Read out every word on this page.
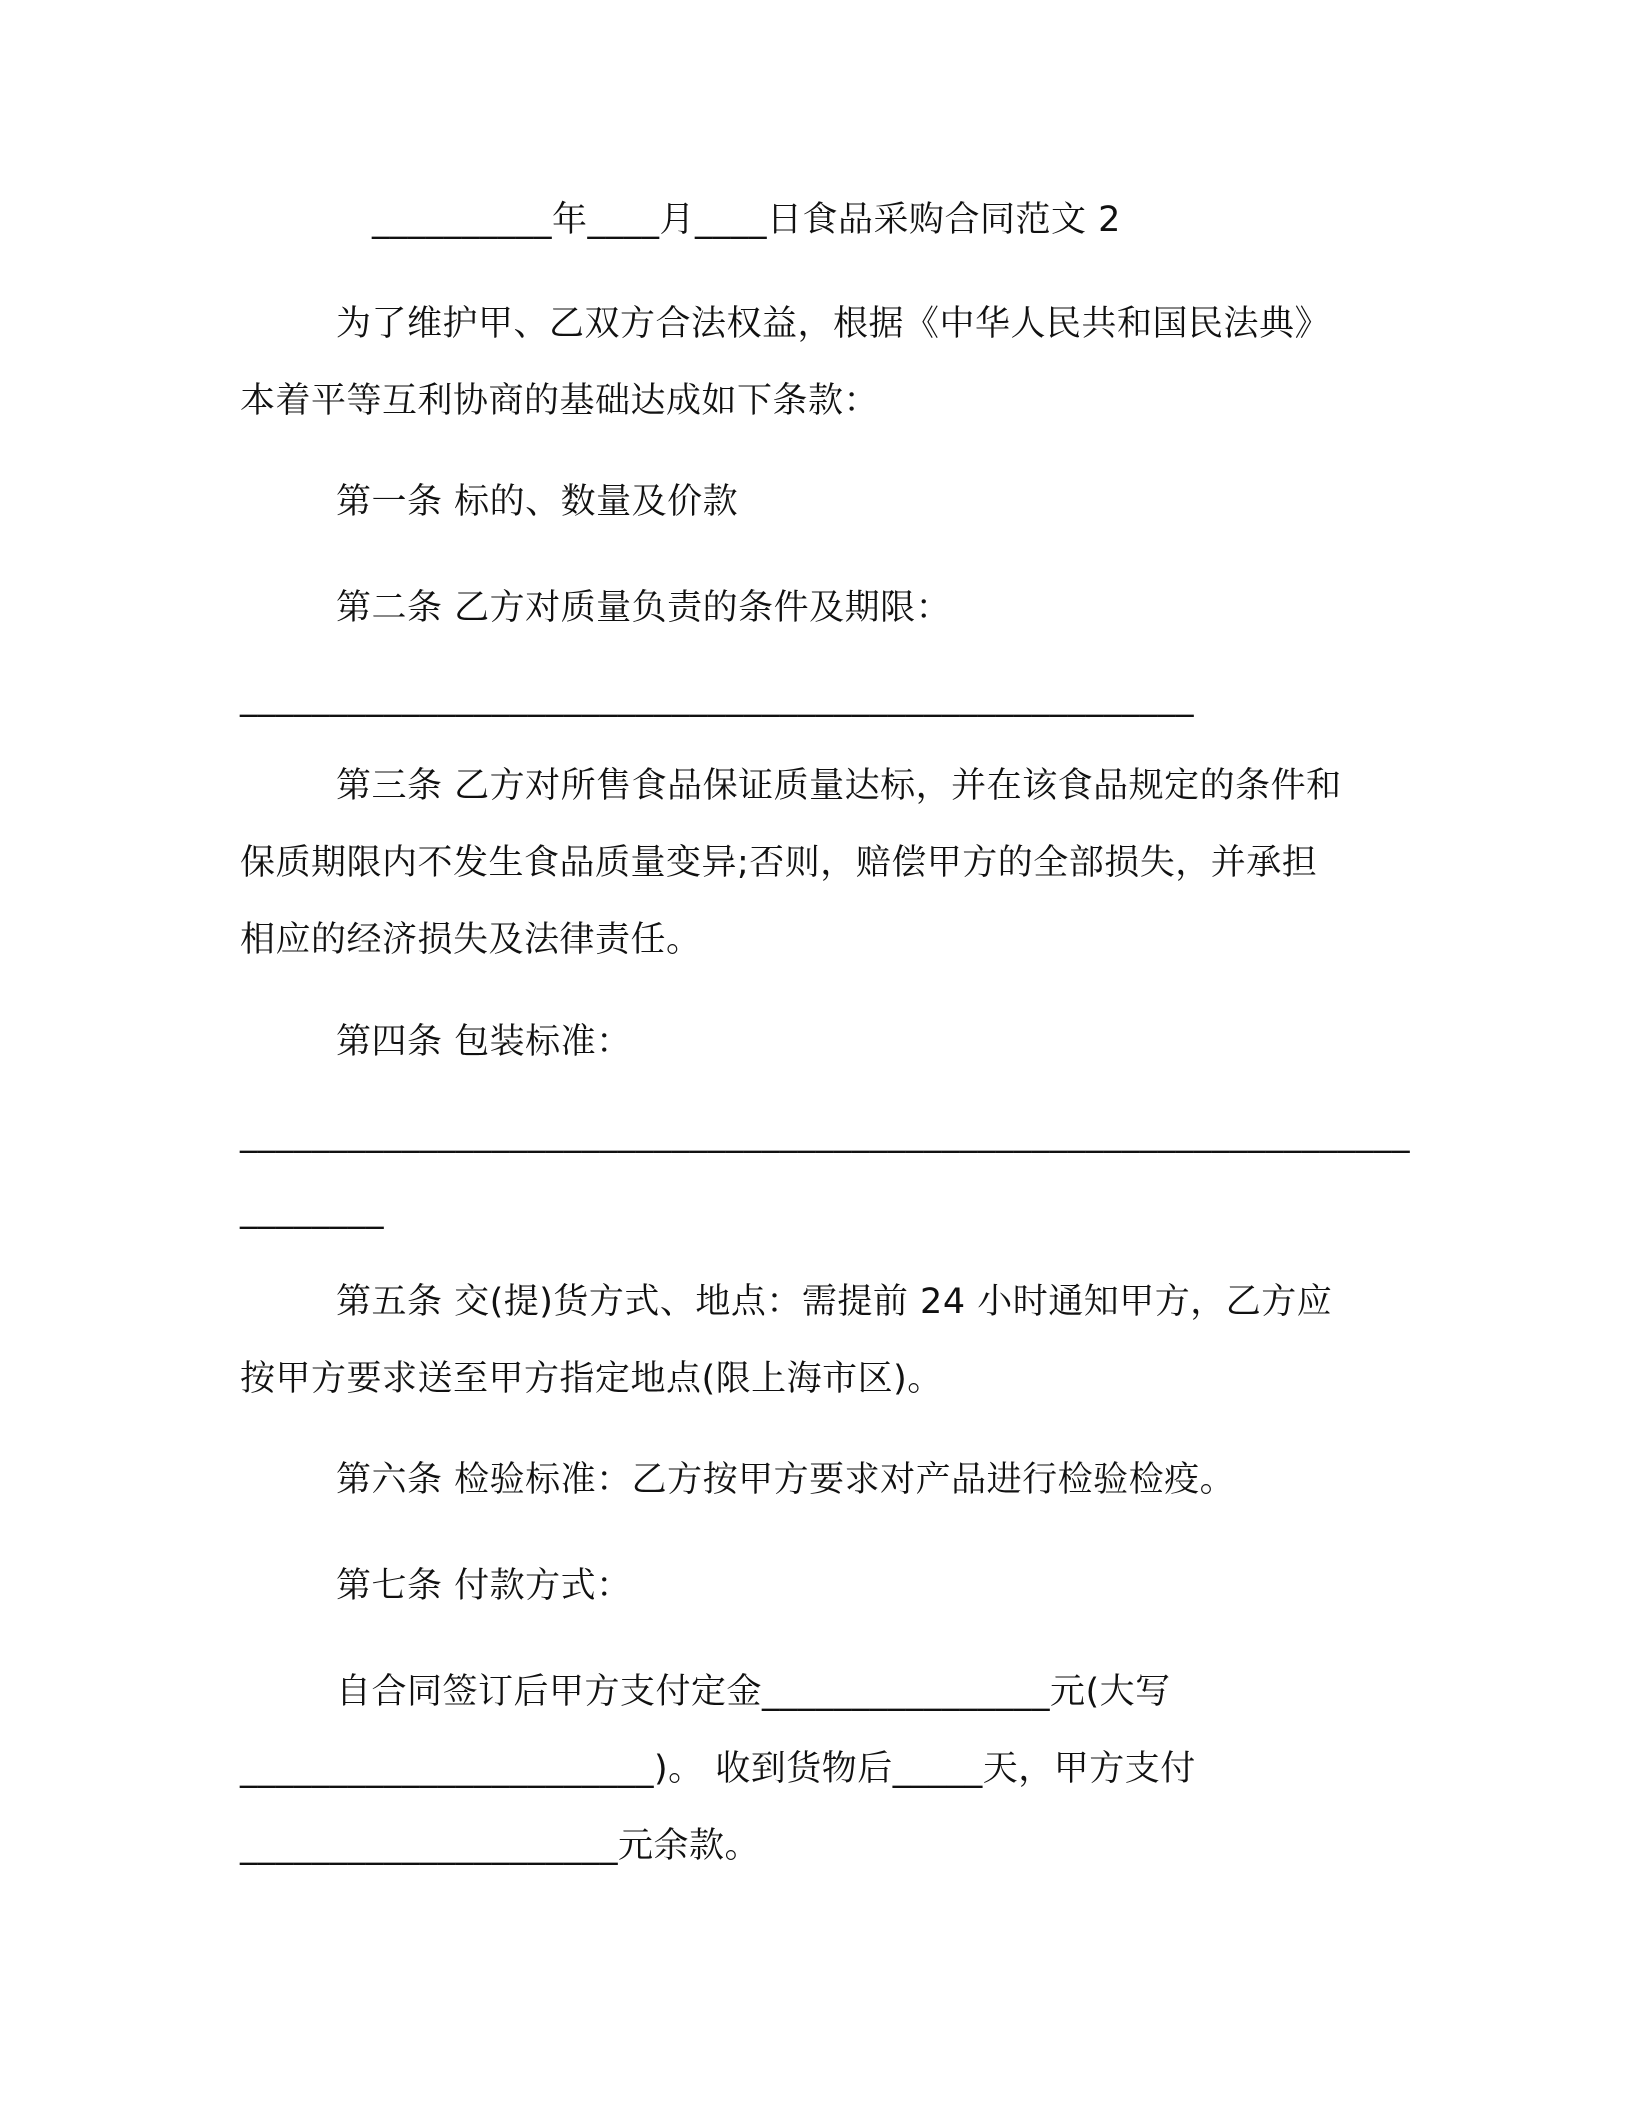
__________年____月____日食品采购合同范文 2

为了维护甲、乙双方合法权益，根据《中华人民共和国民法典》

本着平等互利协商的基础达成如下条款：

第一条 标的、数量及价款

第二条 乙方对质量负责的条件及期限：

_____________________________________________________

第三条 乙方对所售食品保证质量达标，并在该食品规定的条件和

保质期限内不发生食品质量变异;否则，赔偿甲方的全部损失，并承担

相应的经济损失及法律责任。

第四条 包装标准：

_________________________________________________________________

________

第五条 交(提)货方式、地点：需提前 24 小时通知甲方，乙方应

按甲方要求送至甲方指定地点(限上海市区)。

第六条 检验标准：乙方按甲方要求对产品进行检验检疫。

第七条 付款方式：

自合同签订后甲方支付定金________________元(大写

_______________________)。 收到货物后_____天，甲方支付

_____________________元余款。
